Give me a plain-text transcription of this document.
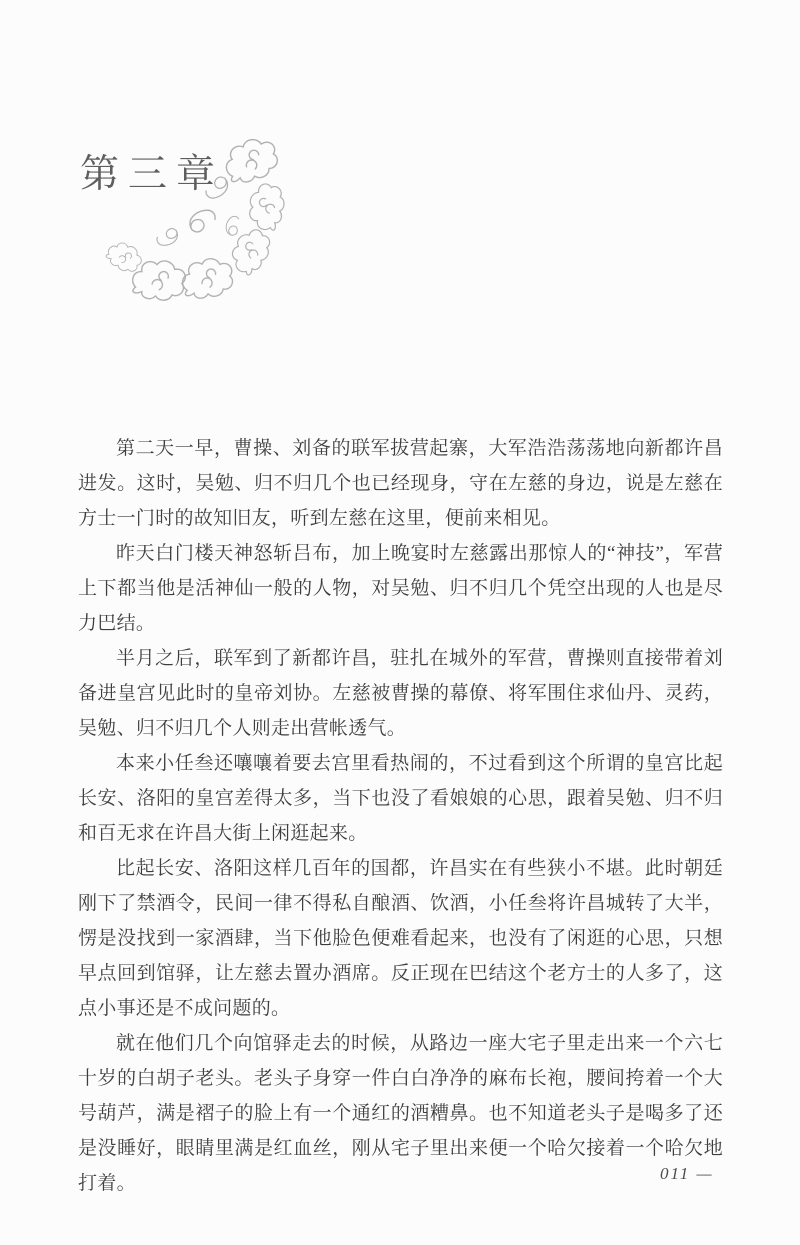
第三章

第二天一早，曹操、刘备的联军拔营起寨，大军浩浩荡荡地向新都许昌进发。这时，吴勉、归不归几个也已经现身，守在左慈的身边，说是左慈在方士一门时的故知旧友，听到左慈在这里，便前来相见。

昨天白门楼天神怒斩吕布，加上晚宴时左慈露出那惊人的“神技”，军营上下都当他是活神仙一般的人物，对吴勉、归不归几个凭空出现的人也是尽力巴结。

半月之后，联军到了新都许昌，驻扎在城外的军营，曹操则直接带着刘备进皇宫见此时的皇帝刘协。左慈被曹操的幕僚、将军围住求仙丹、灵药，吴勉、归不归几个人则走出营帐透气。

本来小任叁还嚷嚷着要去宫里看热闹的，不过看到这个所谓的皇宫比起长安、洛阳的皇宫差得太多，当下也没了看娘娘的心思，跟着吴勉、归不归和百无求在许昌大街上闲逛起来。

比起长安、洛阳这样几百年的国都，许昌实在有些狭小不堪。此时朝廷刚下了禁酒令，民间一律不得私自酿酒、饮酒，小任叁将许昌城转了大半，愣是没找到一家酒肆，当下他脸色便难看起来，也没有了闲逛的心思，只想早点回到馆驿，让左慈去置办酒席。反正现在巴结这个老方士的人多了，这点小事还是不成问题的。

就在他们几个向馆驿走去的时候，从路边一座大宅子里走出来一个六七十岁的白胡子老头。老头子身穿一件白白净净的麻布长袍，腰间挎着一个大号葫芦，满是褶子的脸上有一个通红的酒糟鼻。也不知道老头子是喝多了还是没睡好，眼睛里满是红血丝，刚从宅子里出来便一个哈欠接着一个哈欠地打着。	011 —
